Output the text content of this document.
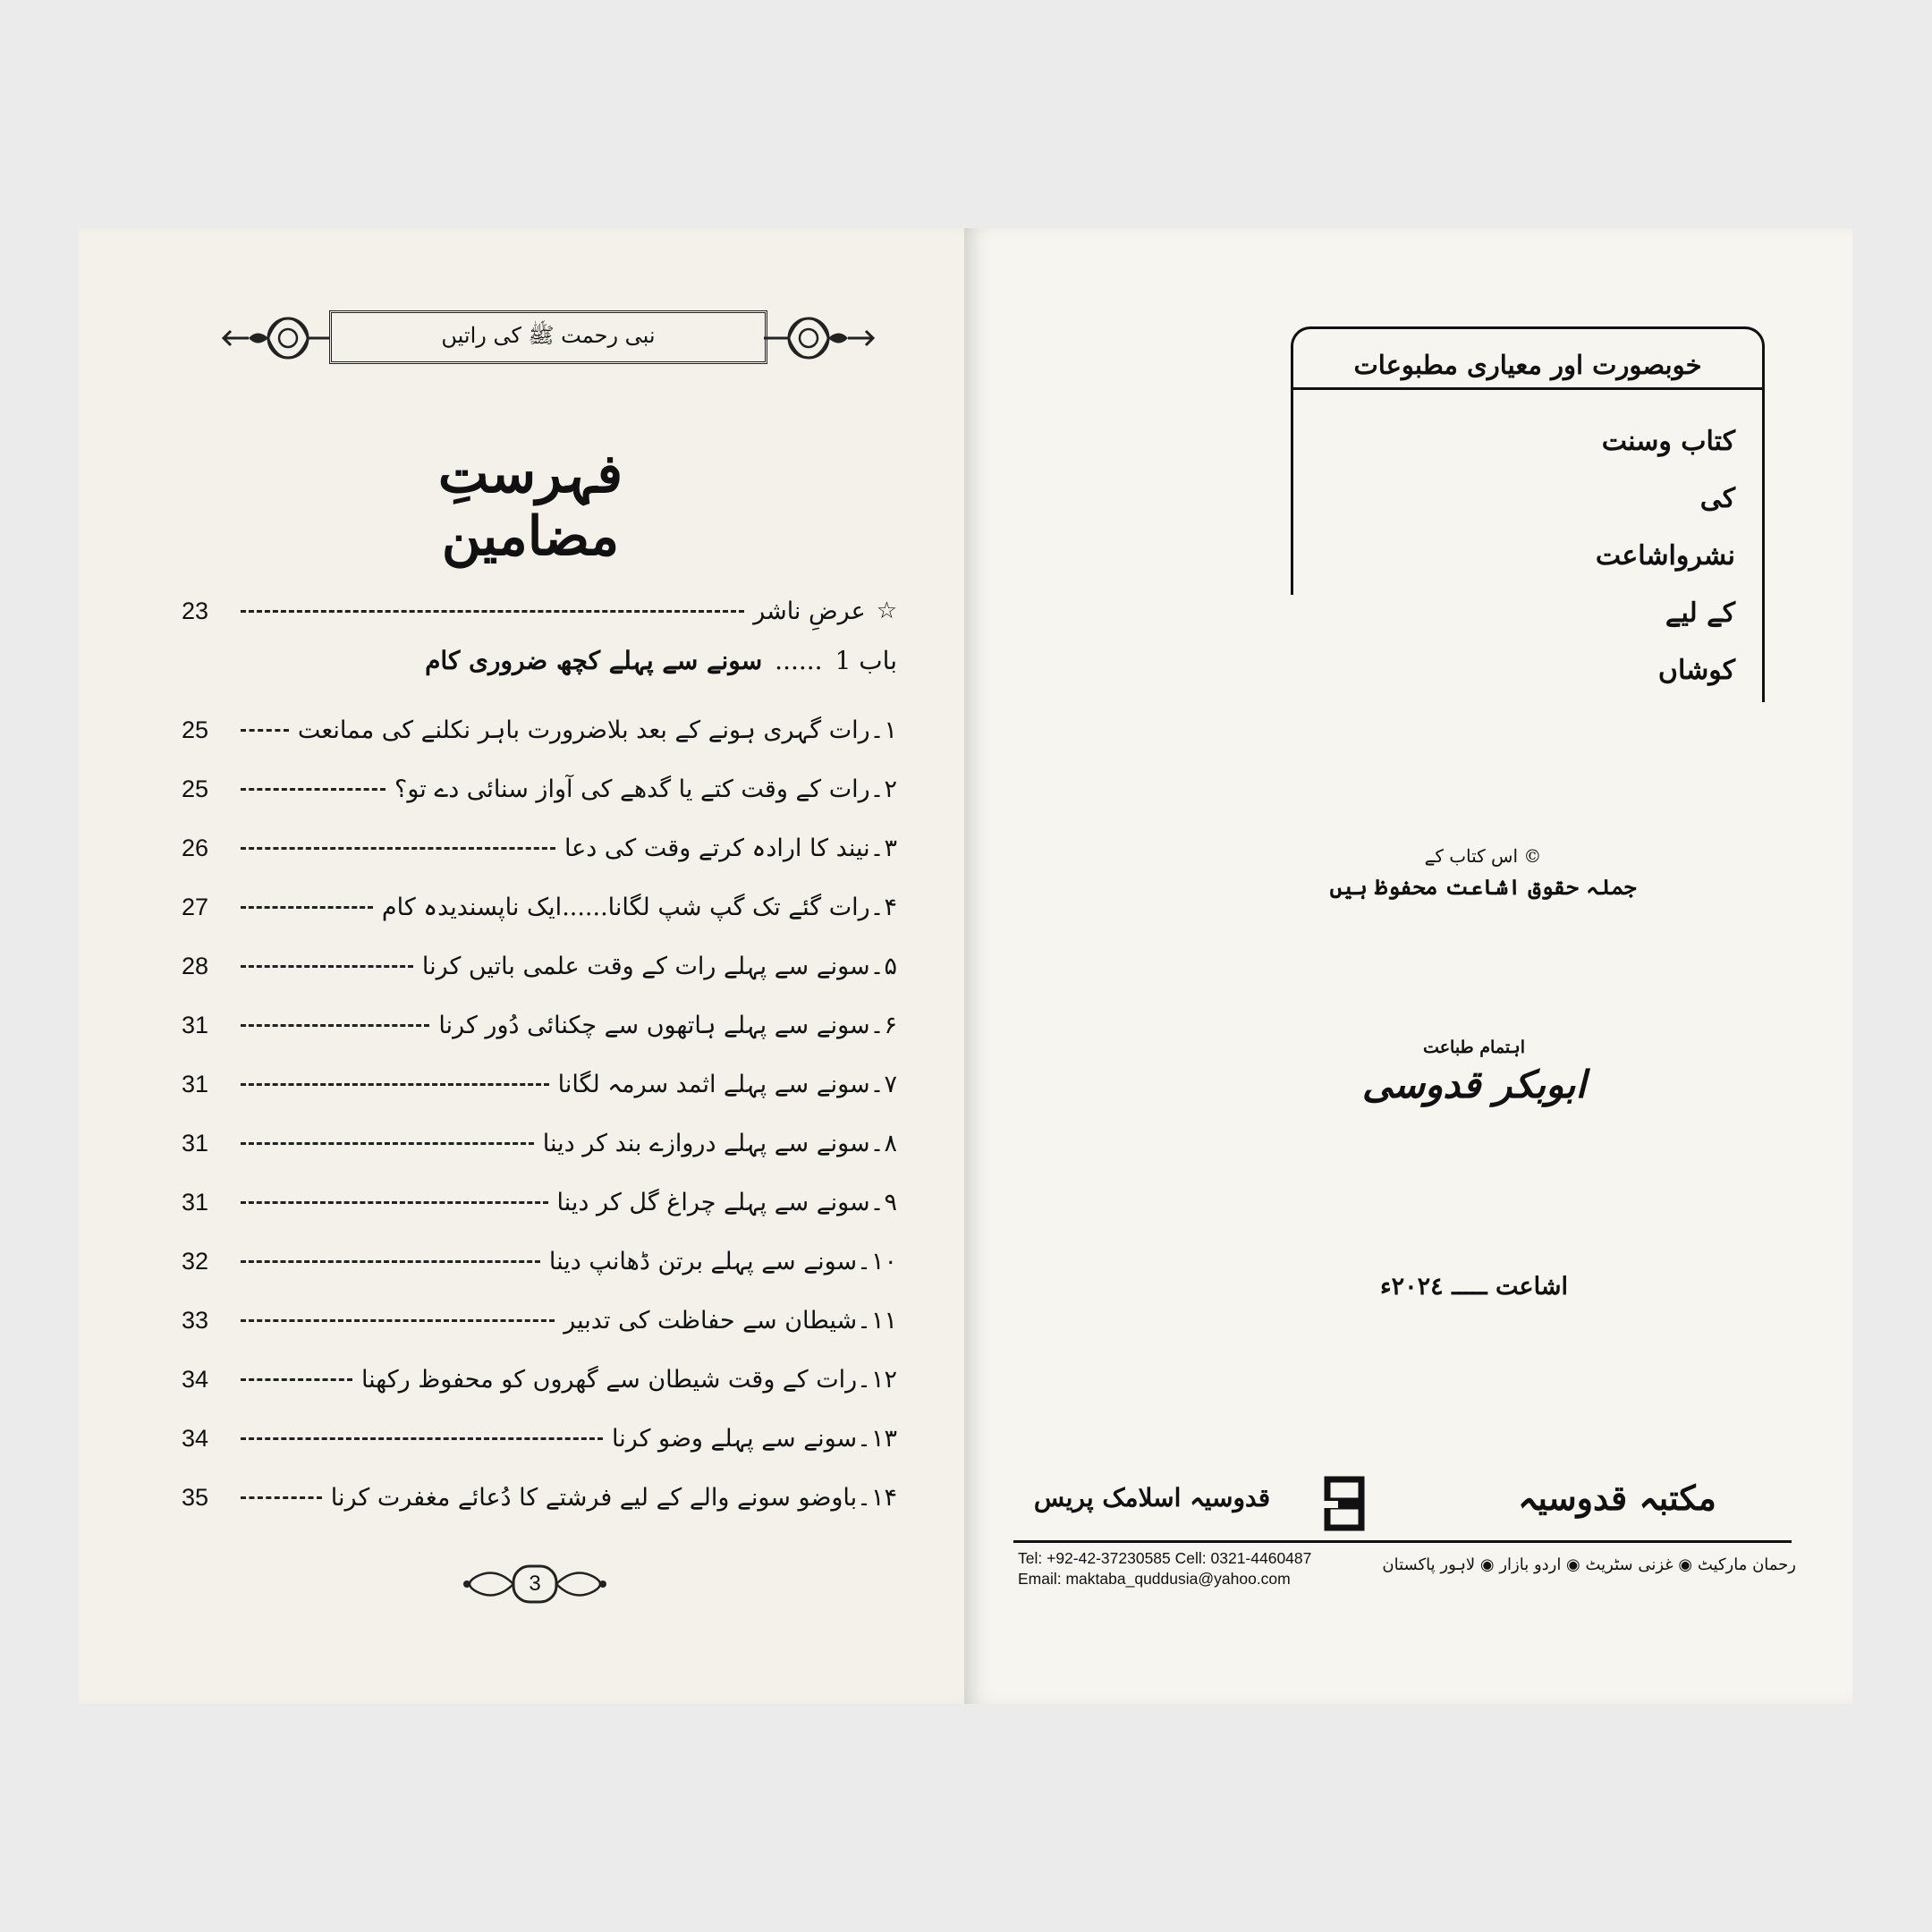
نبی رحمت ﷺ کی راتیں
فہرستِ مضامین
☆
عرضِ ناشر
23
باب 1
......
سونے سے پہلے کچھ ضروری کام
۱۔رات گہری ہونے کے بعد بلاضرورت باہر نکلنے کی ممانعت
25
۲۔رات کے وقت کتے یا گدھے کی آواز سنائی دے تو؟
25
۳۔نیند کا ارادہ کرتے وقت کی دعا
26
۴۔رات گئے تک گپ شپ لگانا......ایک ناپسندیدہ کام
27
۵۔سونے سے پہلے رات کے وقت علمی باتیں کرنا
28
۶۔سونے سے پہلے ہاتھوں سے چکنائی دُور کرنا
31
۷۔سونے سے پہلے اثمد سرمہ لگانا
31
۸۔سونے سے پہلے دروازے بند کر دینا
31
۹۔سونے سے پہلے چراغ گل کر دینا
31
۱۰۔سونے سے پہلے برتن ڈھانپ دینا
32
۱۱۔شیطان سے حفاظت کی تدبیر
33
۱۲۔رات کے وقت شیطان سے گھروں کو محفوظ رکھنا
34
۱۳۔سونے سے پہلے وضو کرنا
34
۱۴۔باوضو سونے والے کے لیے فرشتے کا دُعائے مغفرت کرنا
35
3
خوبصورت اور معیاری مطبوعات
کتاب وسنت
کی
نشرواشاعت
کے لیے
کوشاں
© اس کتاب کے
جملہ حقوق اشاعت محفوظ ہیں
اہتمام طباعت
ابوبکر قدوسی
اشاعت ـــــ ۲۰۲٤ء
قدوسیہ اسلامک پریس	مکتبہ قدوسیہ
Tel: +92-42-37230585 Cell: 0321-4460487
Email: maktaba_quddusia@yahoo.com
رحمان مارکیٹ ◉ غزنی سٹریٹ ◉ اردو بازار ◉ لاہور پاکستان
